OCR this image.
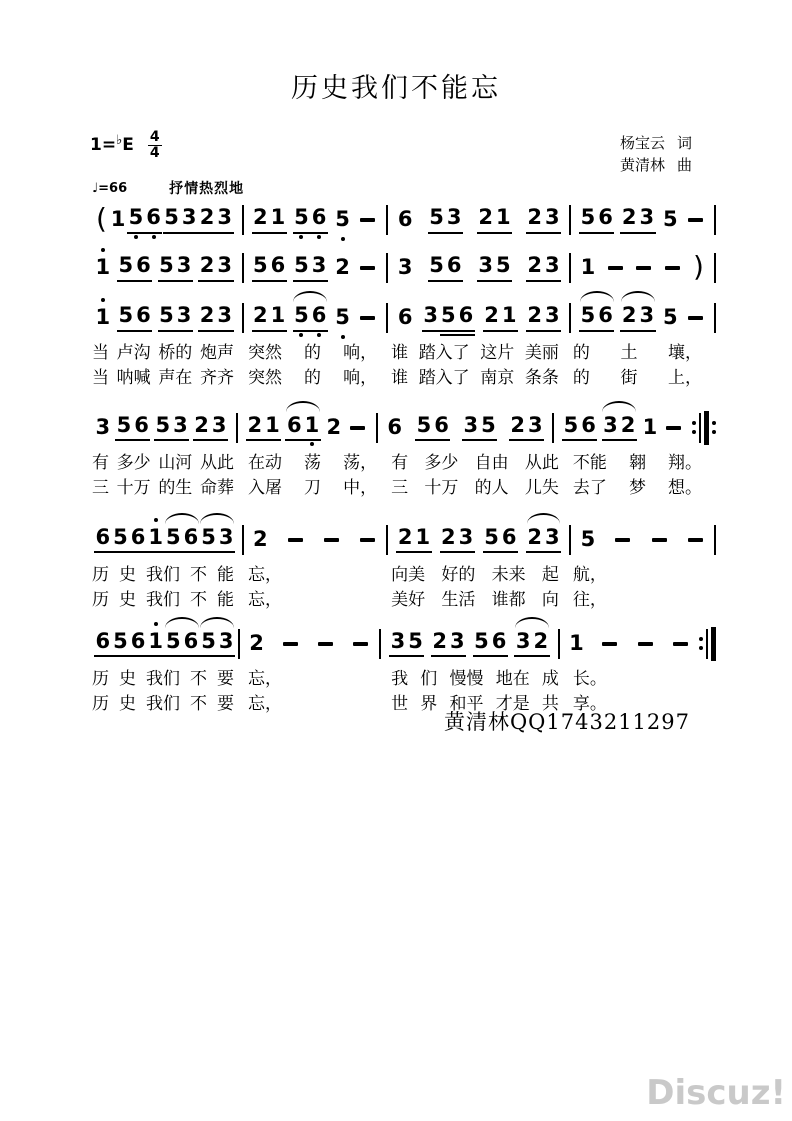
历史我们不能忘
1= ♭ E $\frac{4}{4}$	杨宝云 词
黄清林 曲
♩=66	抒情热烈地
( 1 5 6 5 3 2 3 2 1 5 6 5 6 5 3 2 1 2 3 5 6 2 3 5
1 5 6 5 3 2 3 5 6 5 3 2 3 5 6 3 5 2 3 1	)
1 5 6 5 3 2 3 2 1 5 6 5 6 3 5 6 2 1 2 3 5 6 2 3 5
当 卢沟 桥的 炮声 突然 的 响， 谁 踏入了 这片 美丽 的 土 壤，
当 呐喊 声在 齐齐 突然 的 响， 谁 踏入了 南京 条条 的 街 上，
3 5 6 5 3 2 3 2 1 6 1 2 6 5 6 3 5 2 3 5 6 3 2 1
有 多少 山河 从此 在动 荡 荡， 有 多少 自由 从此 不能 翱 翔。
三 十万 的生 命葬 入屠 刀 中， 三 十万 的人 儿失 去了 梦 想。
6 5 6 1 5 6 5 3 2	2 1 2 3 5 6 2 3 5
历 史 我们 不 能 忘，	向美 好的 未来 起 航，
历 史 我们 不 能 忘，	美好 生活 谁都 向 往，
6 5 6 1 5 6 5 3 2	3 5 2 3 5 6 3 2 1
历 史 我们 不 要 忘，	我 们 慢慢 地在 成 长。
历 史 我们 不 要 忘，	世 界 和平 才是 共 享。
黄清林QQ1743211297
Discuz!
